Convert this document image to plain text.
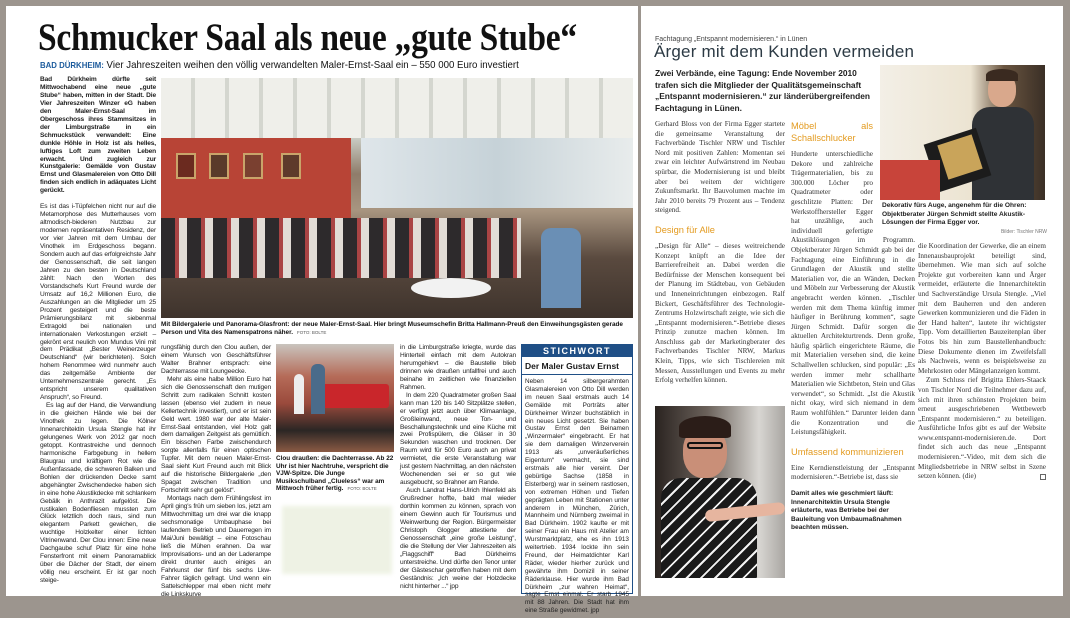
Schmucker Saal als neue „gute Stube“
BAD DÜRKHEIM: Vier Jahreszeiten weihen den völlig verwandelten Maler-Ernst-Saal ein – 550 000 Euro investiert

Bad Dürkheim dürfte seit Mittwochabend eine neue „gute Stube“ haben, mitten in der Stadt. Die Vier Jahreszeiten Winzer eG haben den Maler-Ernst-Saal im Obergeschoss ihres Stammsitzes in der Limburgstraße in ein Schmuckstück verwandelt: Eine dunkle Höhle in Holz ist als helles, luftiges Loft zum zweiten Leben erwacht. Und zugleich zur Kunstgalerie: Gemälde von Gustav Ernst und Glasmalereien von Otto Dill finden sich endlich in adäquates Licht gerückt.

Es ist das i-Tüpfelchen nicht nur auf die Metamorphose des Mutterhauses vom altmodisch-biederen Nutzbau zur modernen repräsentativen Residenz, der vor vier Jahren mit dem Umbau der Vinothek im Erdgeschoss begann. Sondern auch auf das erfolgreichste Jahr der Genossenschaft, die seit langen Jahren zu den besten in Deutschland zählt: Nach den Worten des Vorstandschefs Kurt Freund wurde der Umsatz auf 16,2 Millionen Euro, die Auszahlungen an die Mitglieder um 25 Prozent gesteigert und die beste Prämierungsbilanz mit siebenmal Extragold bei nationalen und internationalen Verkostungen erzielt – gekrönt erst neulich von Mundus Vini mit dem Prädikat „Bester Weinerzeuger Deutschland“ (wir berichteten). Solch hohem Renommee wird nunmehr auch das zeitgemäße Ambiente der Unternehmenszentrale gerecht. „Es entspricht unserem qualitativen Anspruch“, so Freund.

Es lag auf der Hand, die Verwandlung in die gleichen Hände wie bei der Vinothek zu legen. Die Kölner Innenarchitektin Ursula Stengle hat ihr gelungenes Werk von 2012 gar noch getoppt. Kontrastreiche und dennoch harmonische Farbgebung in hellem Blaugrau und kräftigem Rot wie die Außenfassade, die schweren Balken und Bohlen der drückenden Decke samt abgehängter Zwischendecke haben sich in eine hohe Akustikdecke mit schlankem Gebälk in Anthrazit aufgelöst. Die rustikalen Bodenfliesen mussten zum Glück letztlich doch raus, sind nun elegantem Parkett gewichen, die wuchtige Holzkelter einer lichten Vitrinenwand. Der Clou innen: Eine neue Dachgaube schuf Platz für eine hohe Fensterfront mit einem Panoramablick über die Dächer der Stadt, der einem völlig neu erscheint. Er ist gar noch steige-

Mit Bildergalerie und Panorama-Glasfront: der neue Maler-Ernst-Saal. Hier bringt Museumschefin Britta Hallmann-Preuß den Einweihungsgästen gerade Person und Vita des Namenspatrons näher. FOTO: BOLTE

rungsfähig durch den Clou außen, der einem Wunsch von Geschäftsführer Walter Brahner entsprach: eine Dachterrasse mit Loungeecke.

Mehr als eine halbe Million Euro hat sich die Genossenschaft den mutigen Schritt zum radikalen Schnitt kosten lassen (ebenso viel zudem in neue Kellertechnik investiert), und er ist sein Geld wert. 1980 war der alte Maler-Ernst-Saal entstanden, viel Holz galt dem damaligen Zeitgeist als gemütlich. Ein bisschen Farbe zwischendurch sorgte allenfalls für einen optischen Tupfer. Mit dem neuen Maler-Ernst-Saal sieht Kurt Freund auch mit Blick auf die historische Bildergalerie „den Spagat zwischen Tradition und Fortschritt sehr gut gelöst“.

Montags nach dem Frühlingsfest im April ging's früh um sieben los, jetzt am Mittwochmittag um drei war die knapp sechsmonatige Umbauphase bei laufendem Betrieb und Dauerregen im Mai/Juni bewältigt – eine Fotoschau ließ die Mühen erahnen. Da war Improvisations- und an der Laderampe direkt drunter auch einiges an Fahrkunst der fünf bis sechs Lkw-Fahrer täglich gefragt. Und wenn ein Sattelschlepper mal eben nicht mehr die Linkskurve

Clou draußen: die Dachterrasse. Ab 22 Uhr ist hier Nachtruhe, verspricht die VJW-Spitze. Die Junge Musikschulband „Clueless“ war am Mittwoch früher fertig. FOTO: BOLTE

in die Limburgstraße kriegte, wurde das Hinterteil einfach mit dem Autokran herumgehievt – die Baustelle blieb drinnen wie draußen unfallfrei und auch beinahe im zeitlichen wie finanziellen Rahmen.

In dem 220 Quadratmeter großen Saal kann man 120 bis 140 Sitzplätze stellen, er verfügt jetzt auch über Klimaanlage, Großleinwand, neue Ton- und Beschallungstechnik und eine Küche mit zwei Profispülern, die Gläser in 30 Sekunden waschen und trocknen. Der Raum wird für 500 Euro auch an privat vermietet, die erste Veranstaltung war just gestern Nachmittag, an den nächsten Wochenenden sei er so gut wie ausgebucht, so Brahner am Rande.

Auch Landrat Hans-Ulrich Ihlenfeld als Grußredner hoffte, bald mal wieder dorthin kommen zu können, sprach von einem Gewinn auch für Tourismus und Weinwerbung der Region. Bürgermeister Christoph Glogger attestierte der Genossenschaft „eine große Leistung“, die die Stellung der Vier Jahreszeiten als „Flaggschiff“ Bad Dürkheims unterstreiche. Und dürfte den Tenor unter der Gästeschar getroffen haben mit dem Geständnis: „Ich weine der Holzdecke nicht hinterher ...“ jpp

STICHWORT
Der Maler Gustav Ernst
Neben 14 silbergerahmten Glasmalereien von Otto Dill werden im neuen Saal erstmals auch 14 Gemälde mit Porträts alter Dürkheimer Winzer buchstäblich in ein neues Licht gesetzt. Sie haben Gustav Ernst den Beinamen „Winzermaler“ eingebracht. Er hat sie dem damaligen Winzerverein 1913 als „unveräußerliches Eigentum“ vermacht, sie sind erstmals alle hier vereint. Der gebürtige Sachse (1858 in Elsterberg) war in seinem rastlosen, von extremen Höhen und Tiefen geprägten Leben mit Stationen unter anderem in München, Zürich, Mannheim und Nürnberg zweimal in Bad Dürkheim. 1902 kaufte er mit seiner Frau ein Haus mit Atelier am Wurstmarktplatz, ehe es ihn 1913 weitertrieb. 1934 lockte ihn sein Freund, der Heimatdichter Karl Räder, wieder hierher zurück und gewährte ihm Domizil in seiner Räderklause. Hier wurde ihm Bad Dürkheim „zur wahren Heimat“, sagte Ernst einmal. Er starb 1945 mit 88 Jahren. Die Stadt hat ihm eine Straße gewidmet. jpp
Fachtagung „Entspannt modernisieren.“ in Lünen
Ärger mit dem Kunden vermeiden
Zwei Verbände, eine Tagung: Ende November 2010 trafen sich die Mitglieder der Qualitätsgemeinschaft „Entspannt modernisieren.“ zur länderübergreifenden Fachtagung in Lünen.
Dekorativ fürs Auge, angenehm für die Ohren: Objektberater Jürgen Schmidt stellte Akustik-Lösungen der Firma Egger vor.
Bilder: Tischler NRW

Gerhard Bloss von der Firma Egger startete die gemeinsame Veranstaltung der Fachverbände Tischler NRW und Tischler Nord mit positiven Zahlen: Momentan sei zwar ein leichter Aufwärtstrend im Neubau spürbar, die Modernisierung ist und bleibt aber bei weitem der wichtigere Zukunftsmarkt. Ihr Bauvolumen machte im Jahr 2010 bereits 79 Prozent aus – Tendenz steigend.

Design für Alle

„Design für Alle“ – dieses weitreichende Konzept knüpft an die Idee der Barrierefreiheit an. Dabei werden die Bedürfnisse der Menschen konsequent bei der Planung im Städtebau, von Gebäuden und Inneneinrichtungen einbezogen. Ralf Bickert, Geschäftsführer des Technologie-Zentrums Holzwirtschaft zeigte, wie sich die „Entspannt modernisieren.“-Betriebe dieses Prinzip zunutze machen können. Im Anschluss gab der Marketingberater des Fachverbandes Tischler NRW, Markus Klein, Tipps, wie sich Tischlereien mit Messen, Ausstellungen und Events zu mehr Erfolg verhelfen können.

Möbel als Schallschlucker

Hunderte unterschiedliche Dekore und zahlreiche Trägermaterialien, bis zu 300.000 Löcher pro Quadratmeter oder geschlitzte Platten: Der Werkstoffhersteller Egger hat unzählige, auch individuell gefertigte Akustiklösungen im Programm. Objektberater Jürgen Schmidt gab bei der Fachtagung eine Einführung in die Grundlagen der Akustik und stellte Materialien vor, die an Wänden, Decken und Möbeln zur Verbesserung der Akustik angebracht werden können. „Tischler werden mit dem Thema künftig immer häufiger in Berührung kommen“, sagte Jürgen Schmidt. Dafür sorgen die aktuellen Architekturtrends. Denn große, häufig spärlich eingerichtete Räume, die mit Materialien versehen sind, die keine Schallwellen schlucken, sind populär: „Es werden immer mehr schallharte Materialien wie Sichtbeton, Stein und Glas verwendet“, so Schmidt. „Ist die Akustik nicht okay, wird sich niemand in dem Raum wohlfühlen.“ Darunter leiden dann die Konzentration und die Leistungsfähigkeit.

Umfassend kommunizieren

Eine Kerndienstleistung der „Entspannt modernisieren.“-Betriebe ist, dass sie

Damit alles wie geschmiert läuft: Innenarchitektin Ursula Stengle erläuterte, was Betriebe bei der Bauleitung von Umbaumaßnahmen beachten müssen.

die Koordination der Gewerke, die an einem Innenausbauprojekt beteiligt sind, übernehmen. Wie man sich auf solche Projekte gut vorbereiten kann und Ärger vermeidet, erläuterte die Innenarchitektin und Sachverständige Ursula Stengle. „Viel mit dem Bauherren und den anderen Gewerken kommunizieren und die Fäden in der Hand halten“, lautete ihr wichtigster Tipp. Vom detaillierten Bauzeitenplan über Fotos bis hin zum Baustellenhandbuch: Diese Dokumente dienen im Zweifelsfall als Nachweis, wenn es beispielsweise zu Mehrkosten oder Mängelanzeigen kommt.

Zum Schluss rief Brigitta Ehlers-Staack von Tischler Nord die Teilnehmer dazu auf, sich mit ihren schönsten Projekten beim erneut ausgeschriebenen Wettbewerb „Entspannt modernisieren.“ zu beteiligen. Ausführliche Infos gibt es auf der Website www.entspannt-modernisieren.de. Dort findet sich auch das neue „Entspannt modernisieren.“-Video, mit dem sich die Mitgliedsbetriebe in NRW selbst in Szene setzen können. (die)
